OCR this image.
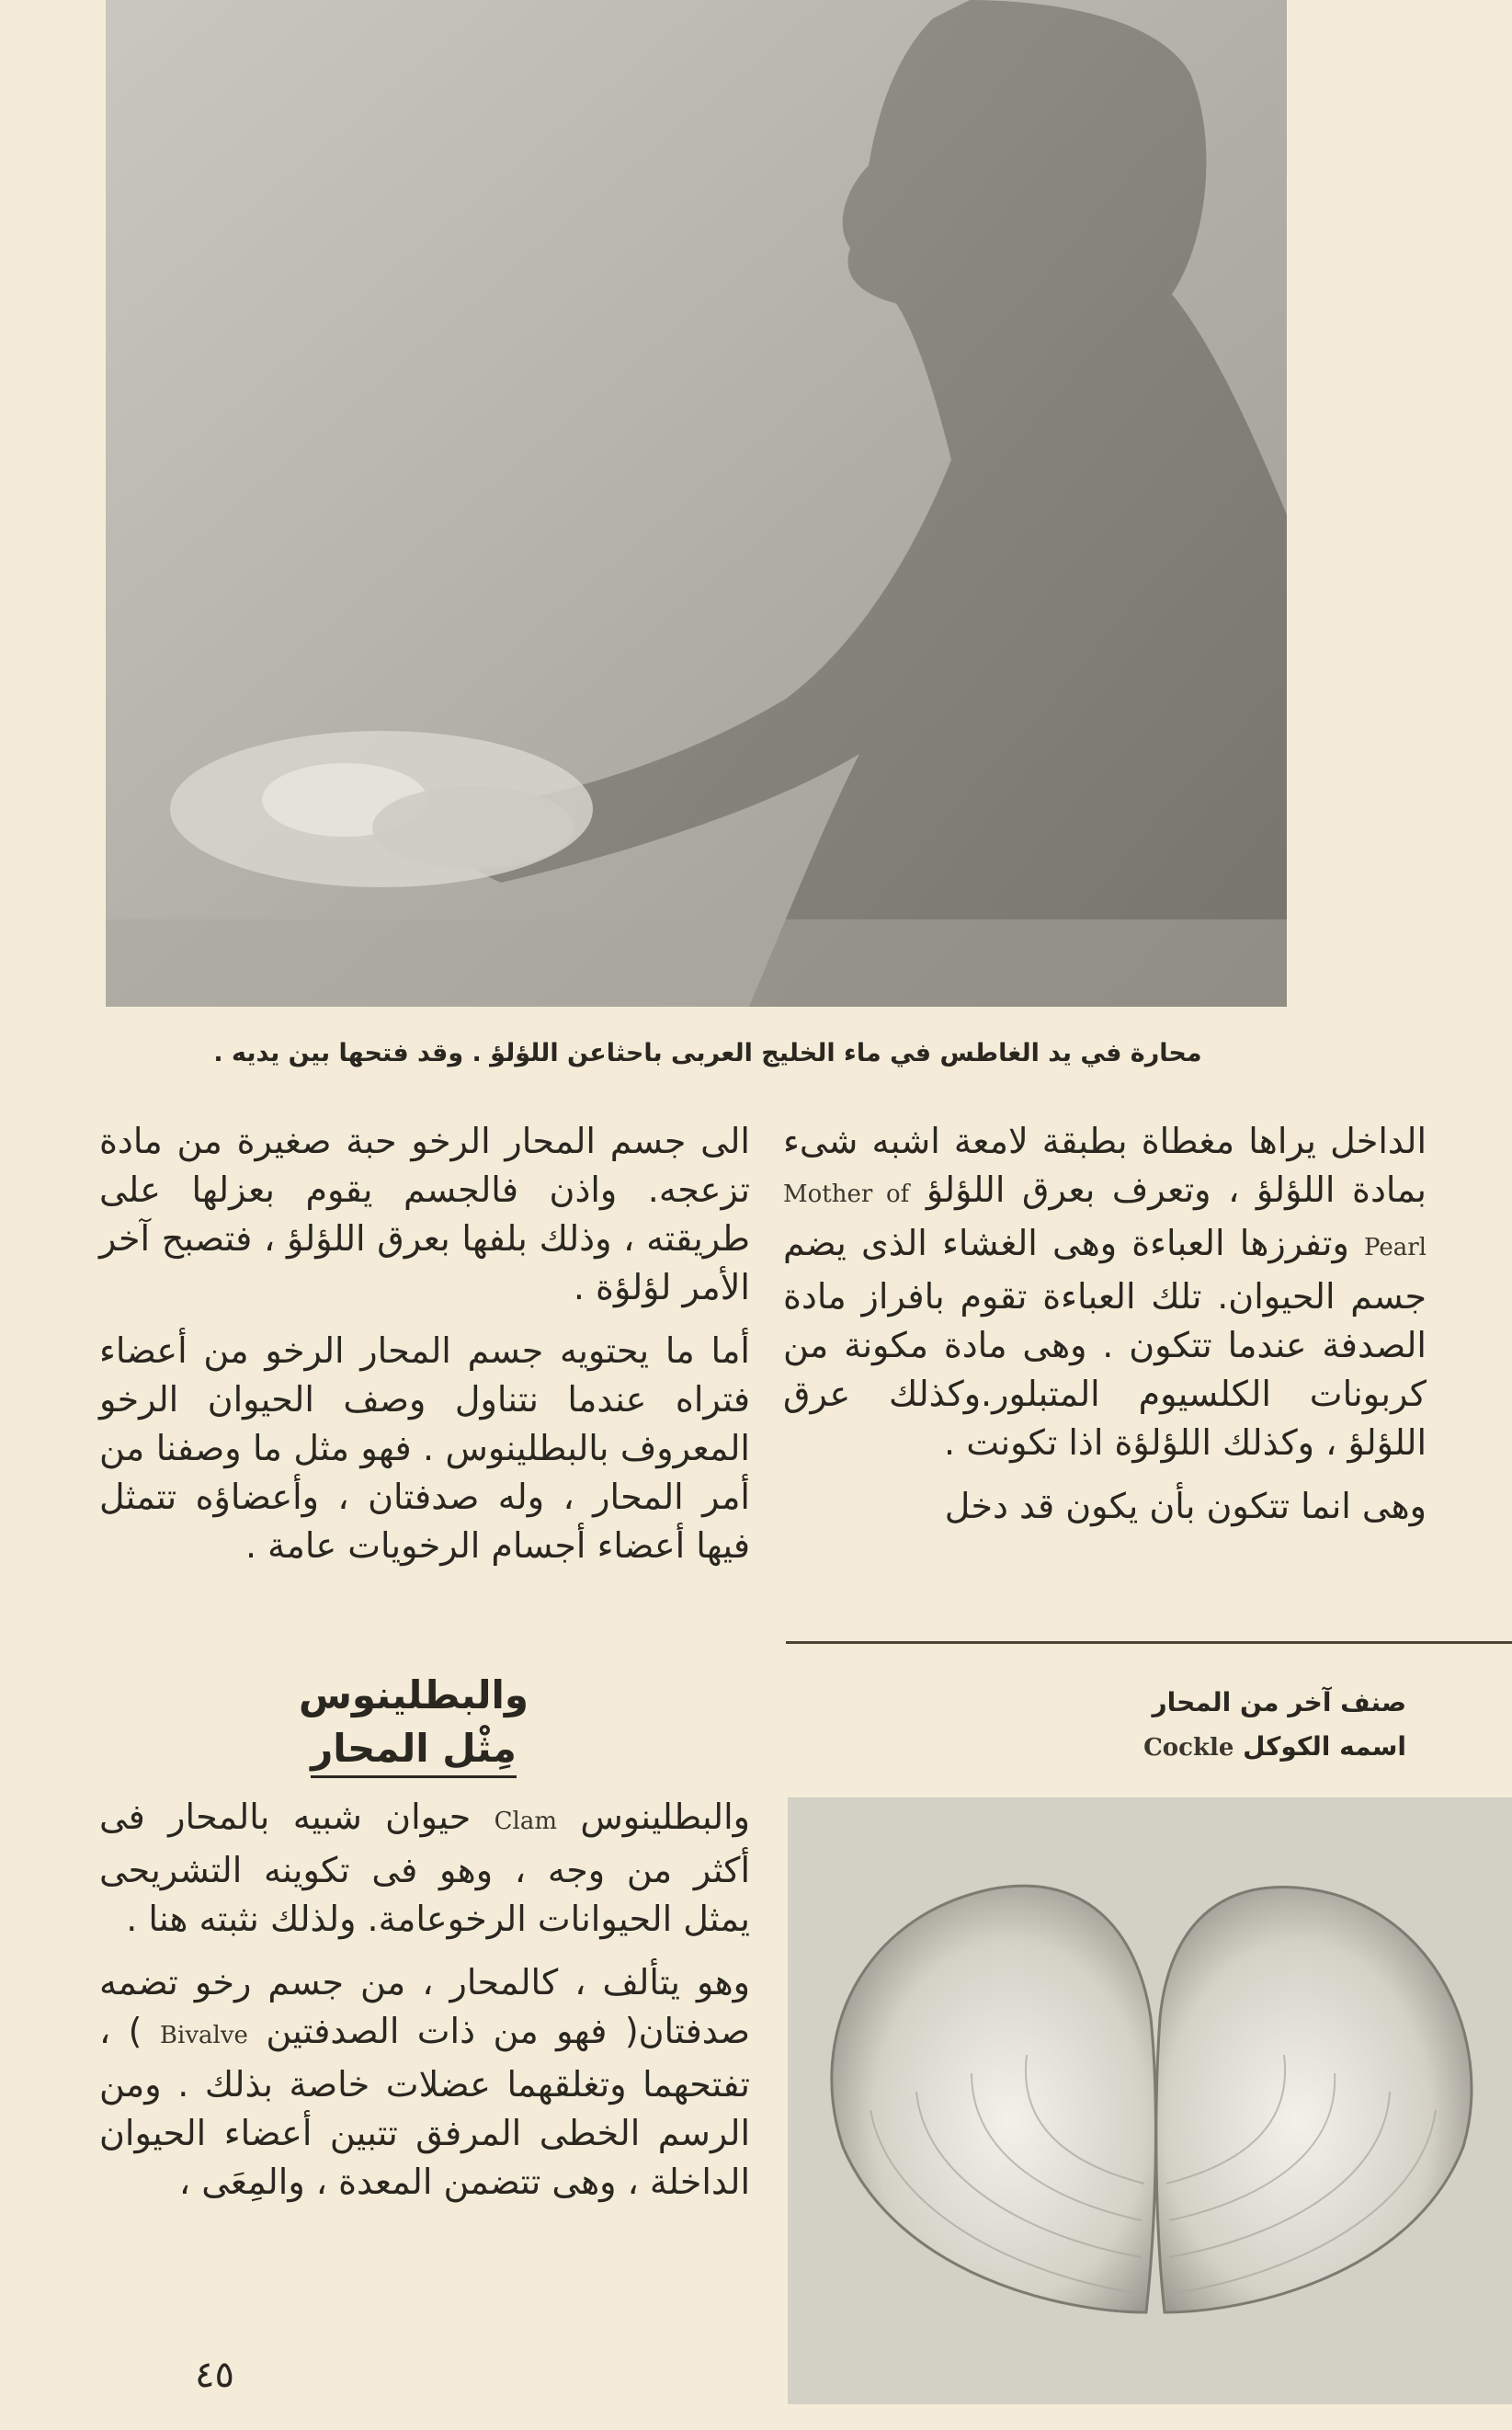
محارة في يد الغاطس في ماء الخليج العربى باحثاعن اللؤلؤ . وقد فتحها بين يديه .

الداخل يراها مغطاة بطبقة لامعة اشبه شىء بمادة اللؤلؤ ، وتعرف بعرق اللؤلؤ Mother of Pearl وتفرزها العباءة وهى الغشاء الذى يضم جسم الحيوان. تلك العباءة تقوم بافراز مادة الصدفة عندما تتكون . وهى مادة مكونة من كربونات الكلسيوم المتبلور.وكذلك عرق اللؤلؤ ، وكذلك اللؤلؤة اذا تكونت .

وهى انما تتكون بأن يكون قد دخل

الى جسم المحار الرخو حبة صغيرة من مادة تزعجه. واذن فالجسم يقوم بعزلها على طريقته ، وذلك بلفها بعرق اللؤلؤ ، فتصبح آخر الأمر لؤلؤة .

أما ما يحتويه جسم المحار الرخو من أعضاء فتراه عندما نتناول وصف الحيوان الرخو المعروف بالبطلينوس . فهو مثل ما وصفنا من أمر المحار ، وله صدفتان ، وأعضاؤه تتمثل فيها أعضاء أجسام الرخويات عامة .

والبطلينوس
مِثْل المحار

والبطلينوس Clam حيوان شبيه بالمحار فى أكثر من وجه ، وهو فى تكوينه التشريحى يمثل الحيوانات الرخوعامة. ولذلك نثبته هنا .

وهو يتألف ، كالمحار ، من جسم رخو تضمه صدفتان( فهو من ذات الصدفتين Bivalve ) ، تفتحهما وتغلقهما عضلات خاصة بذلك . ومن الرسم الخطى المرفق تتبين أعضاء الحيوان الداخلة ، وهى تتضمن المعدة ، والمِعَى ،

صنف آخر من المحار
اسمه الكوكل Cockle
٤٥
